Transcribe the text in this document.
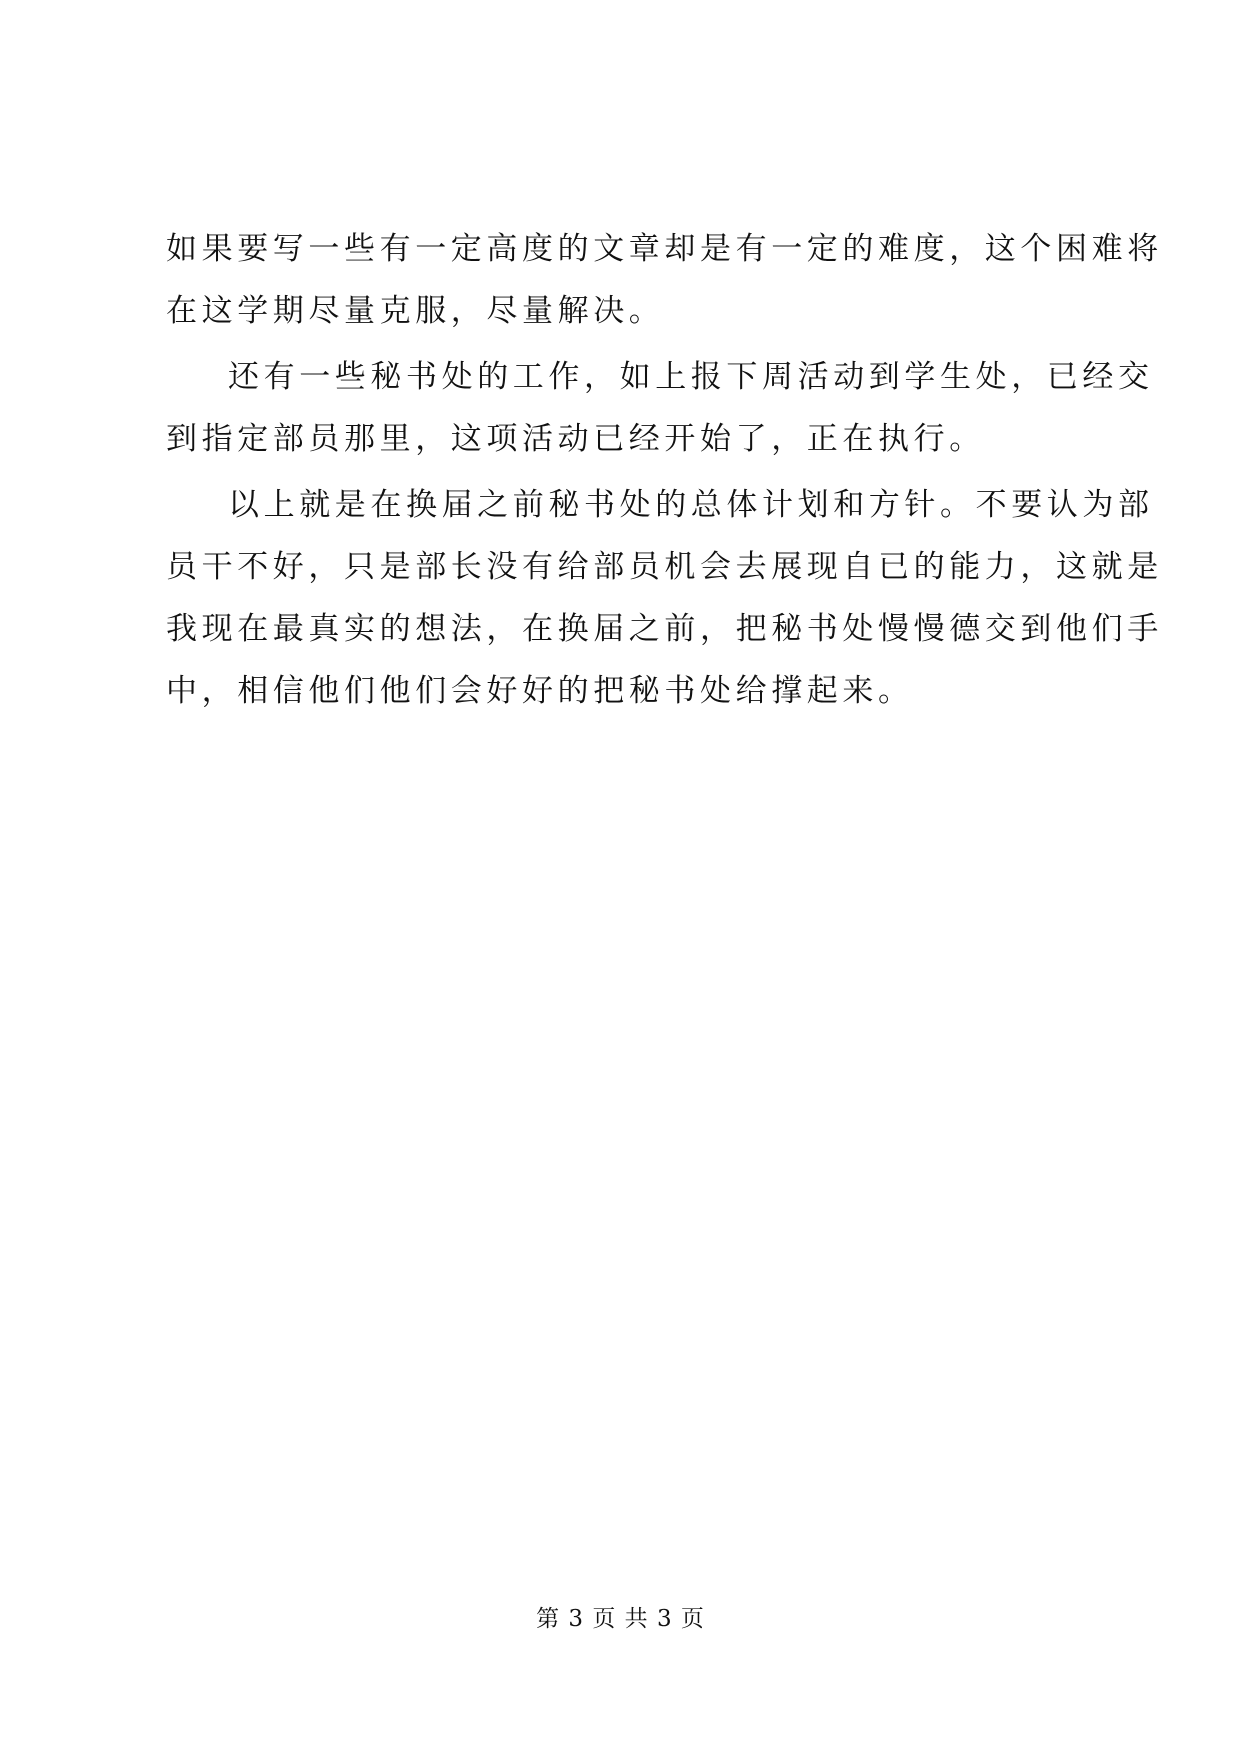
如果要写一些有一定高度的文章却是有一定的难度，这个困难将
在这学期尽量克服，尽量解决。
还有一些秘书处的工作，如上报下周活动到学生处，已经交
到指定部员那里，这项活动已经开始了，正在执行。
以上就是在换届之前秘书处的总体计划和方针。不要认为部
员干不好，只是部长没有给部员机会去展现自已的能力，这就是
我现在最真实的想法，在换届之前，把秘书处慢慢德交到他们手
中，相信他们他们会好好的把秘书处给撑起来。
第 3 页 共 3 页
